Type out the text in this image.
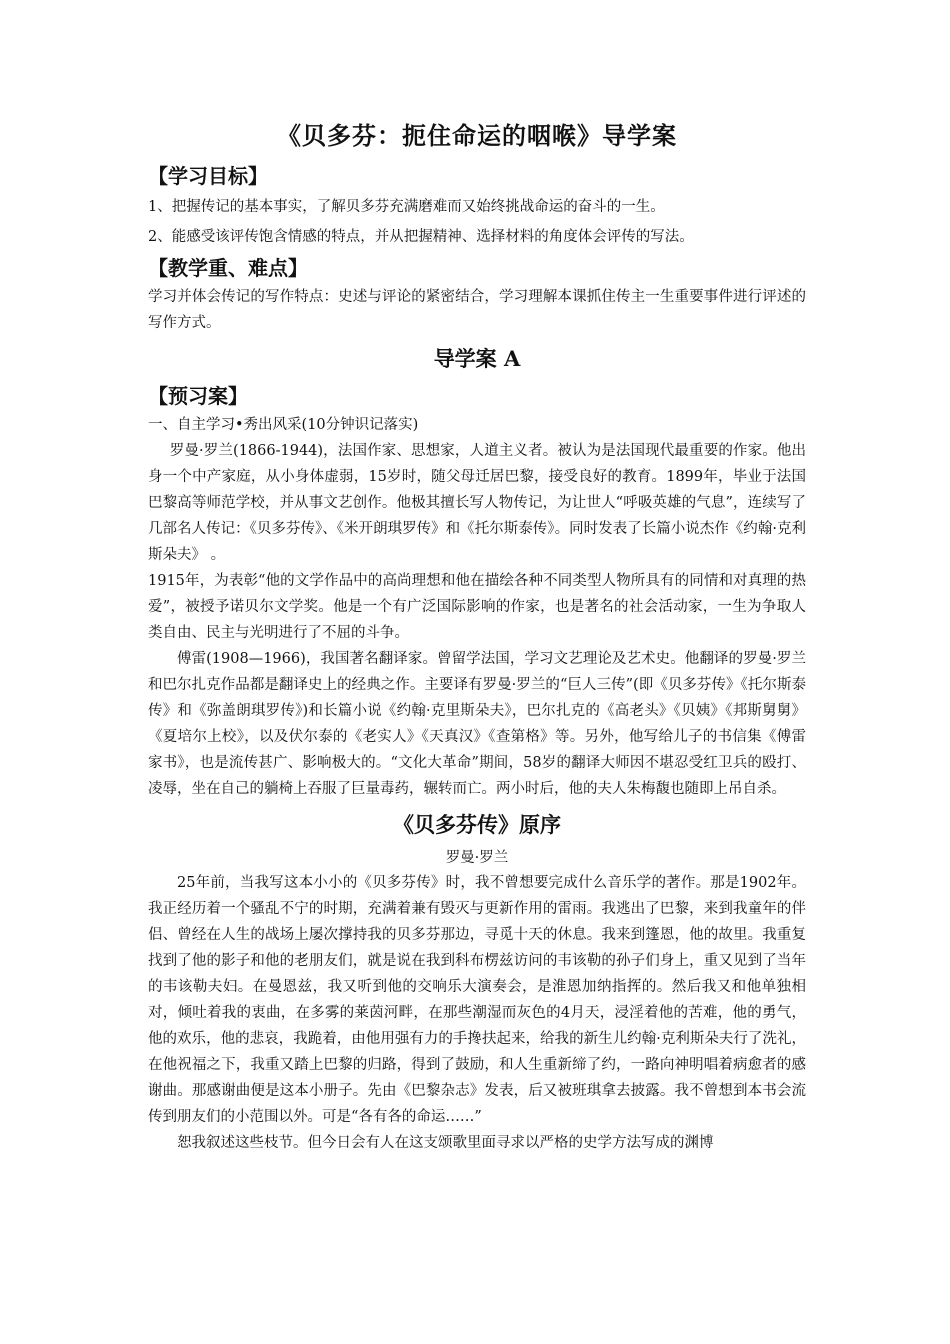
《贝多芬：扼住命运的咽喉》导学案
【学习目标】

1、把握传记的基本事实，了解贝多芬充满磨难而又始终挑战命运的奋斗的一生。

2、能感受该评传饱含情感的特点，并从把握精神、选择材料的角度体会评传的写法。

【教学重、难点】

学习并体会传记的写作特点：史述与评论的紧密结合，学习理解本课抓住传主一生重要事件进行评述的写作方式。

导学案 A
【预习案】

一、自主学习•秀出风采(10分钟识记落实)

罗曼·罗兰(1866-1944)，法国作家、思想家，人道主义者。被认为是法国现代最重要的作家。他出身一个中产家庭，从小身体虚弱，15岁时，随父母迁居巴黎，接受良好的教育。1899年，毕业于法国巴黎高等师范学校，并从事文艺创作。他极其擅长写人物传记，为让世人“呼吸英雄的气息”，连续写了几部名人传记：《贝多芬传》、《米开朗琪罗传》和《托尔斯泰传》。同时发表了长篇小说杰作《约翰·克利斯朵夫》 。

1915年，为表彰“他的文学作品中的高尚理想和他在描绘各种不同类型人物所具有的同情和对真理的热爱”，被授予诺贝尔文学奖。他是一个有广泛国际影响的作家，也是著名的社会活动家，一生为争取人类自由、民主与光明进行了不屈的斗争。

傅雷(1908—1966)，我国著名翻译家。曾留学法国，学习文艺理论及艺术史。他翻译的罗曼·罗兰和巴尔扎克作品都是翻译史上的经典之作。主要译有罗曼·罗兰的“巨人三传”(即《贝多芬传》《托尔斯泰传》和《弥盖朗琪罗传》)和长篇小说《约翰·克里斯朵夫》，巴尔扎克的《高老头》《贝姨》《邦斯舅舅》《夏培尔上校》，以及伏尔泰的《老实人》《天真汉》《查第格》等。另外，他写给儿子的书信集《傅雷家书》，也是流传甚广、影响极大的。“文化大革命”期间，58岁的翻译大师因不堪忍受红卫兵的殴打、凌辱，坐在自己的躺椅上吞服了巨量毒药，辗转而亡。两小时后，他的夫人朱梅馥也随即上吊自杀。

《贝多芬传》原序
罗曼·罗兰

25年前，当我写这本小小的《贝多芬传》时，我不曾想要完成什么音乐学的著作。那是1902年。我正经历着一个骚乱不宁的时期，充满着兼有毁灭与更新作用的雷雨。我逃出了巴黎，来到我童年的伴侣、曾经在人生的战场上屡次撑持我的贝多芬那边，寻觅十天的休息。我来到篷恩，他的故里。我重复找到了他的影子和他的老朋友们，就是说在我到科布楞兹访问的韦该勒的孙子们身上，重又见到了当年的韦该勒夫妇。在曼恩兹，我又听到他的交响乐大演奏会，是淮恩加纳指挥的。然后我又和他单独相对，倾吐着我的衷曲，在多雾的莱茵河畔，在那些潮湿而灰色的4月天，浸淫着他的苦难，他的勇气，他的欢乐，他的悲哀，我跪着，由他用强有力的手搀扶起来，给我的新生儿约翰·克利斯朵夫行了洗礼，在他祝福之下，我重又踏上巴黎的归路，得到了鼓励，和人生重新缔了约，一路向神明唱着病愈者的感谢曲。那感谢曲便是这本小册子。先由《巴黎杂志》发表，后又被班琪拿去披露。我不曾想到本书会流传到朋友们的小范围以外。可是“各有各的命运……”

恕我叙述这些枝节。但今日会有人在这支颂歌里面寻求以严格的史学方法写成的渊博
